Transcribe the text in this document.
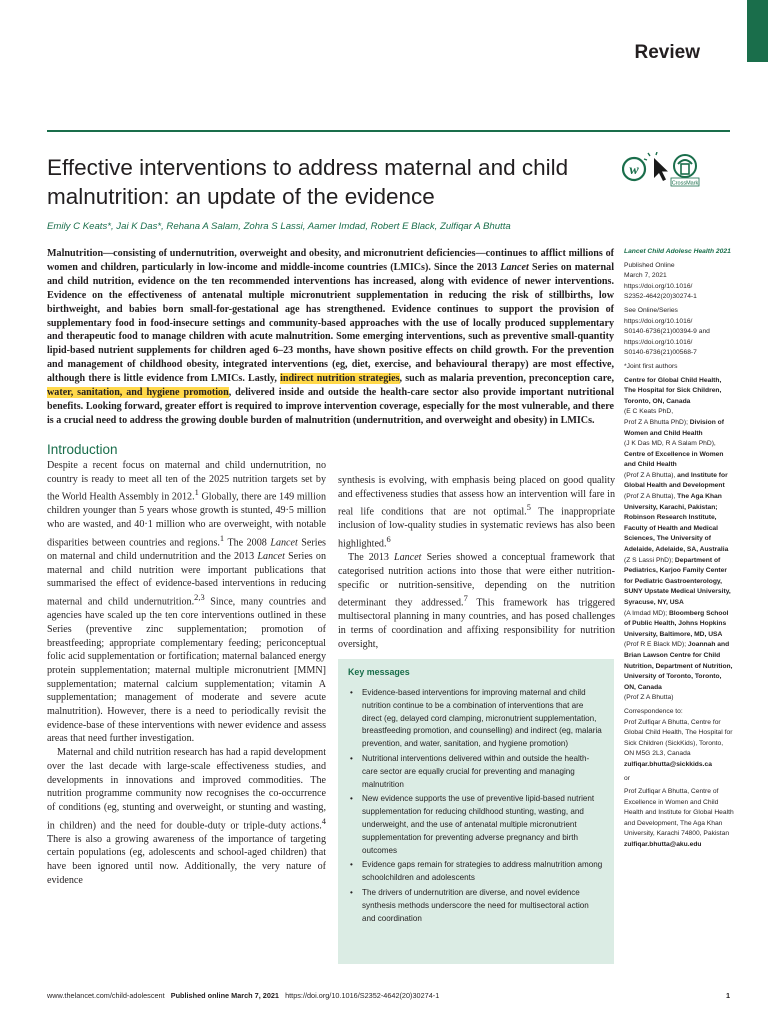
Review
Effective interventions to address maternal and child malnutrition: an update of the evidence
w
CrossMark
Emily C Keats*, Jai K Das*, Rehana A Salam, Zohra S Lassi, Aamer Imdad, Robert E Black, Zulfiqar A Bhutta

Malnutrition—consisting of undernutrition, overweight and obesity, and micronutrient deficiencies—continues to afflict millions of women and children, particularly in low-income and middle-income countries (LMICs). Since the 2013 Lancet Series on maternal and child nutrition, evidence on the ten recommended interventions has increased, along with evidence of newer interventions. Evidence on the effectiveness of antenatal multiple micronutrient supplementation in reducing the risk of stillbirths, low birthweight, and babies born small-for-gestational age has strengthened. Evidence continues to support the provision of supplementary food in food-insecure settings and community-based approaches with the use of locally produced supplementary and therapeutic food to manage children with acute malnutrition. Some emerging interventions, such as preventive small-quantity lipid-based nutrient supplements for children aged 6–23 months, have shown positive effects on child growth. For the prevention and management of childhood obesity, integrated interventions (eg, diet, exercise, and behavioural therapy) are most effective, although there is little evidence from LMICs. Lastly, indirect nutrition strategies, such as malaria prevention, preconception care, water, sanitation, and hygiene promotion, delivered inside and outside the health-care sector also provide important nutritional benefits. Looking forward, greater effort is required to improve intervention coverage, especially for the most vulnerable, and there is a crucial need to address the growing double burden of malnutrition (undernutrition, and overweight and obesity) in LMICs.

Introduction

Despite a recent focus on maternal and child undernutrition, no country is ready to meet all ten of the 2025 nutrition targets set by the World Health Assembly in 2012.$^1$ Globally, there are 149 million children younger than 5 years whose growth is stunted, 49·5 million who are wasted, and 40·1 million who are overweight, with notable disparities between countries and regions.$^1$ The 2008 Lancet Series on maternal and child undernutrition and the 2013 Lancet Series on maternal and child nutrition were important publications that summarised the effect of evidence-based interventions in reducing maternal and child undernutrition.$^{2,3}$ Since, many countries and agencies have scaled up the ten core interventions outlined in these Series (preventive zinc supplementation; promotion of breastfeeding; appropriate complementary feeding; periconceptual folic acid supplementation or fortification; maternal balanced energy protein supplementation; maternal multiple micronutrient [MMN] supplementation; maternal calcium supplementation; vitamin A supplementation; management of moderate and severe acute malnutrition). However, there is a need to periodically revisit the evidence-base of these interventions with newer evidence and assess areas that need further investigation.

Maternal and child nutrition research has had a rapid development over the last decade with large-scale effectiveness studies, and developments in innovations and improved commodities. The nutrition programme community now recognises the co-occurrence of conditions (eg, stunting and overweight, or stunting and wasting, in children) and the need for double-duty or triple-duty actions.$^4$ There is also a growing awareness of the importance of targeting certain populations (eg, adolescents and school-aged children) that have been ignored until now. Additionally, the very nature of evidence

synthesis is evolving, with emphasis being placed on good quality and effectiveness studies that assess how an intervention will fare in real life conditions that are not optimal.$^5$ The inappropriate inclusion of low-quality studies in systematic reviews has also been highlighted.$^6$

The 2013 Lancet Series showed a conceptual framework that categorised nutrition actions into those that were either nutrition-specific or nutrition-sensitive, depending on the nutrition determinant they addressed.$^7$ This framework has triggered multisectoral planning in many countries, and has posed challenges in terms of coordination and affixing responsibility for nutrition oversight,

Key messages
• Evidence-based interventions for improving maternal and child nutrition continue to be a combination of interventions that are direct (eg, delayed cord clamping, micronutrient supplementation, breastfeeding promotion, and counselling) and indirect (eg, malaria prevention, and water, sanitation, and hygiene promotion)
• Nutritional interventions delivered within and outside the health-care sector are equally crucial for preventing and managing malnutrition
• New evidence supports the use of preventive lipid-based nutrient supplementation for reducing childhood stunting, wasting, and underweight, and the use of antenatal multiple micronutrient supplementation for preventing adverse pregnancy and birth outcomes
• Evidence gaps remain for strategies to address malnutrition among schoolchildren and adolescents
• The drivers of undernutrition are diverse, and novel evidence synthesis methods underscore the need for multisectoral action and coordination

Lancet Child Adolesc Health 2021

Published Online
March 7, 2021
https://doi.org/10.1016/
S2352-4642(20)30274-1

See Online/Series
https://doi.org/10.1016/
S0140-6736(21)00394-9 and
https://doi.org/10.1016/
S0140-6736(21)00568-7

*Joint first authors

Centre for Global Child Health, The Hospital for Sick Children, Toronto, ON, Canada
(E C Keats PhD,
Prof Z A Bhutta PhD); Division of Women and Child Health
(J K Das MD, R A Salam PhD), Centre of Excellence in Women and Child Health
(Prof Z A Bhutta), and Institute for Global Health and Development (Prof Z A Bhutta), The Aga Khan University, Karachi, Pakistan; Robinson Research Institute, Faculty of Health and Medical Sciences, The University of Adelaide, Adelaide, SA, Australia
(Z S Lassi PhD); Department of Pediatrics, Karjoo Family Center for Pediatric Gastroenterology, SUNY Upstate Medical University, Syracuse, NY, USA
(A Imdad MD); Bloomberg School of Public Health, Johns Hopkins University, Baltimore, MD, USA
(Prof R E Black MD); Joannah and Brian Lawson Centre for Child Nutrition, Department of Nutrition, University of Toronto, Toronto, ON, Canada
(Prof Z A Bhutta)

Correspondence to:
Prof Zulfiqar A Bhutta, Centre for Global Child Health, The Hospital for Sick Children (SickKids), Toronto, ON M5G 2L3, Canada
zulfiqar.bhutta@sickkids.ca

or

Prof Zulfiqar A Bhutta, Centre of Excellence in Women and Child Health and Institute for Global Health and Development, The Aga Khan University, Karachi 74800, Pakistan
zulfiqar.bhutta@aku.edu

www.thelancet.com/child-adolescent Published online March 7, 2021 https://doi.org/10.1016/S2352-4642(20)30274-1	1
